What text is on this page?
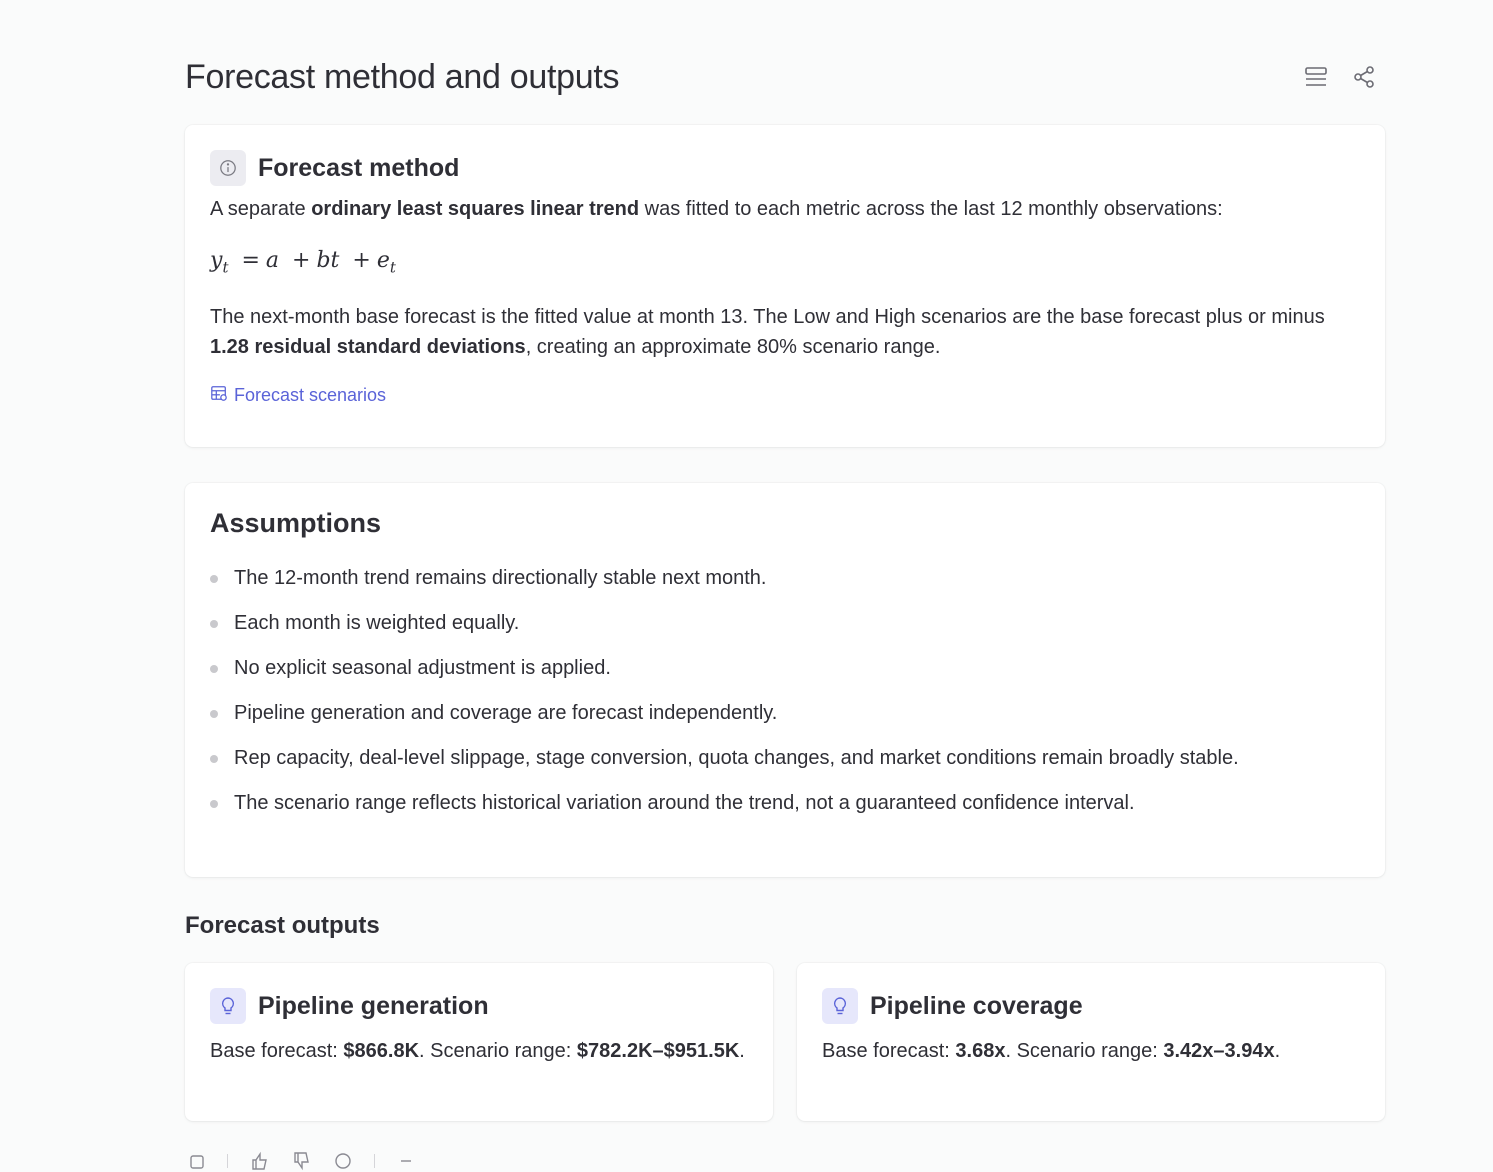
Forecast method and outputs
Forecast method

A separate ordinary least squares linear trend was fitted to each metric across the last 12 monthly observations:

$y_t = a$ + bt + $e_t$

The next-month base forecast is the fitted value at month 13. The Low and High scenarios are the base forecast plus or minus 1.28 residual standard deviations, creating an approximate 80% scenario range.

Forecast scenarios
Assumptions
The 12-month trend remains directionally stable next month.
Each month is weighted equally.
No explicit seasonal adjustment is applied.
Pipeline generation and coverage are forecast independently.
Rep capacity, deal-level slippage, stage conversion, quota changes, and market conditions remain broadly stable.
The scenario range reflects historical variation around the trend, not a guaranteed confidence interval.
Forecast outputs
Pipeline generation

Base forecast: $866.8K. Scenario range: $782.2K–$951.5K.

Pipeline coverage

Base forecast: 3.68x. Scenario range: 3.42x–3.94x.
